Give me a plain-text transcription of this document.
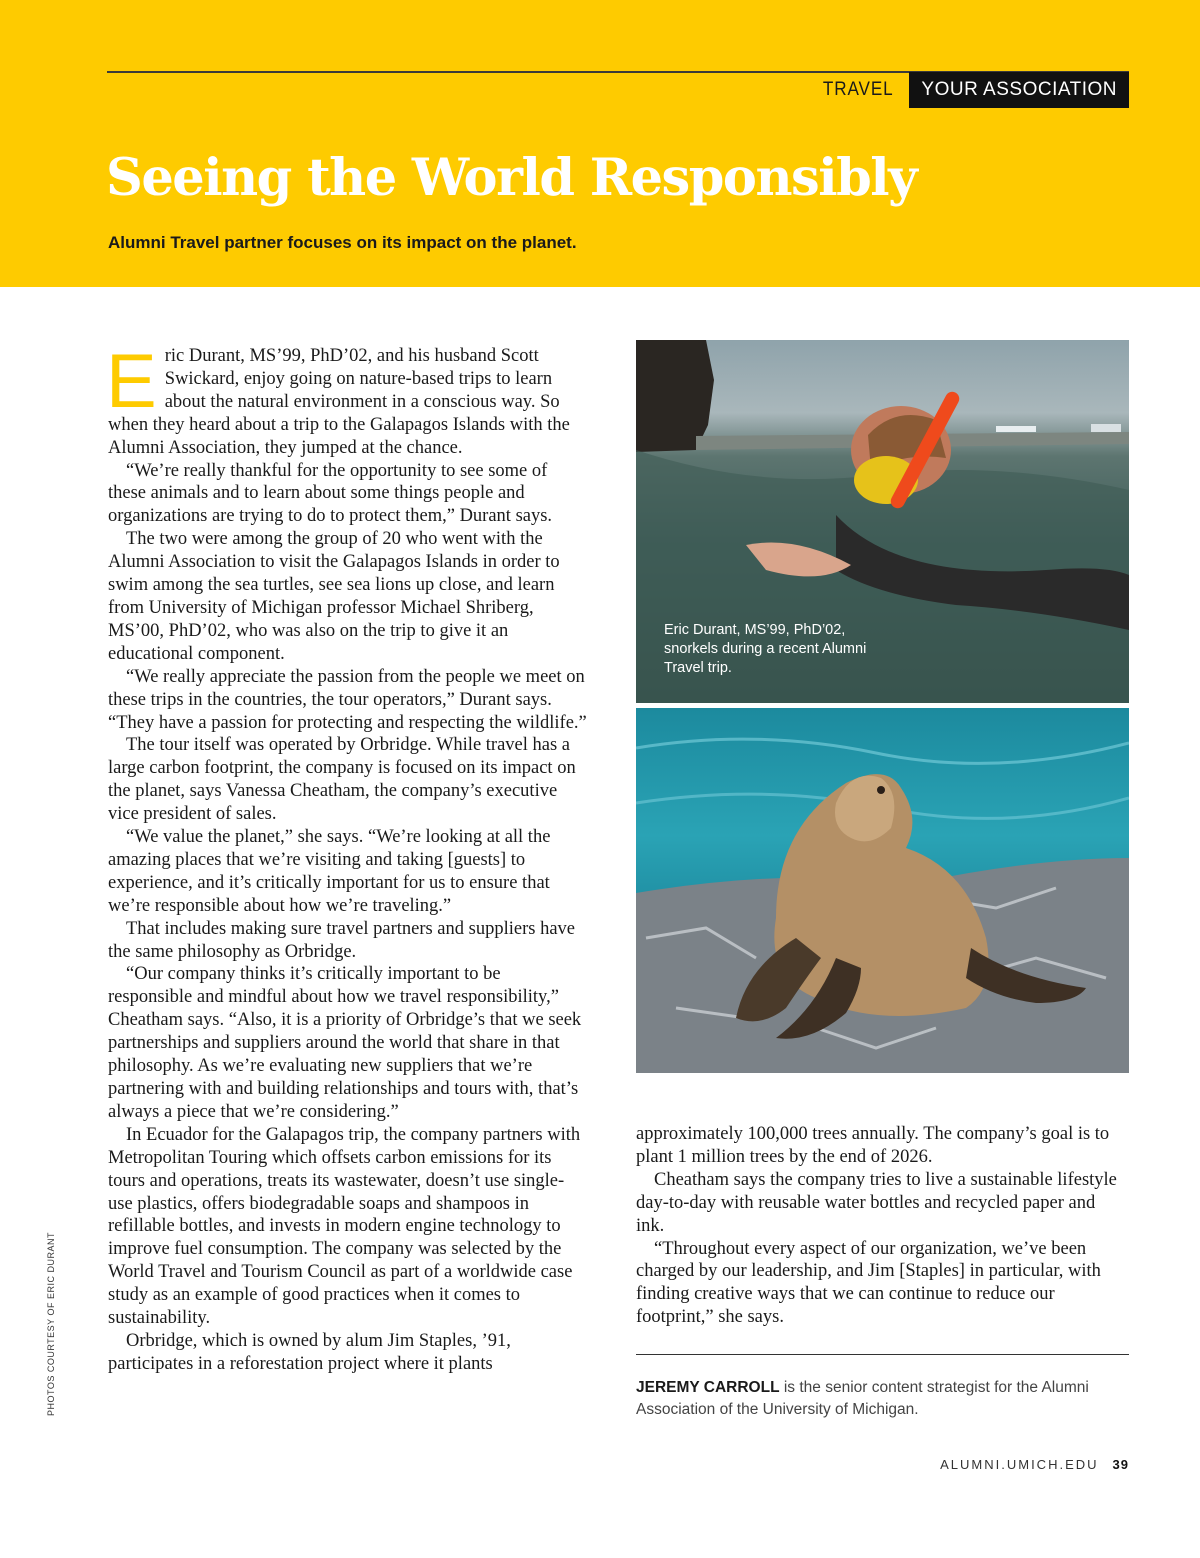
TRAVEL	YOUR ASSOCIATION
Seeing the World Responsibly
Alumni Travel partner focuses on its impact on the planet.

Eric Durant, MS’99, PhD’02, and his husband Scott Swickard, enjoy going on nature-based trips to learn about the natural environment in a conscious way. So when they heard about a trip to the Galapagos Islands with the Alumni Association, they jumped at the chance.

“We’re really thankful for the opportunity to see some of these animals and to learn about some things people and organizations are trying to do to protect them,” Durant says.

The two were among the group of 20 who went with the Alumni Association to visit the Galapagos Islands in order to swim among the sea turtles, see sea lions up close, and learn from University of Michigan professor Michael Shriberg, MS’00, PhD’02, who was also on the trip to give it an educational component.

“We really appreciate the passion from the people we meet on these trips in the countries, the tour operators,” Durant says. “They have a passion for protecting and respecting the wildlife.”

The tour itself was operated by Orbridge. While travel has a large carbon footprint, the company is focused on its impact on the planet, says Vanessa Cheatham, the company’s executive vice president of sales.

“We value the planet,” she says. “We’re looking at all the amazing places that we’re visiting and taking [guests] to experience, and it’s critically important for us to ensure that we’re responsible about how we’re traveling.”

That includes making sure travel partners and suppliers have the same philosophy as Orbridge.

“Our company thinks it’s critically important to be responsible and mindful about how we travel responsibility,” Cheatham says. “Also, it is a priority of Orbridge’s that we seek partnerships and suppliers around the world that share in that philosophy. As we’re evaluating new suppliers that we’re partnering with and building relationships and tours with, that’s always a piece that we’re considering.”

In Ecuador for the Galapagos trip, the company partners with Metropolitan Touring which offsets carbon emissions for its tours and operations, treats its wastewater, doesn’t use single-use plastics, offers biodegradable soaps and shampoos in refillable bottles, and invests in modern engine technology to improve fuel consumption. The company was selected by the World Travel and Tourism Council as part of a worldwide case study as an example of good practices when it comes to sustainability.

Orbridge, which is owned by alum Jim Staples, ’91, participates in a reforestation project where it plants

Eric Durant, MS’99, PhD’02, snorkels during a recent Alumni Travel trip.

approximately 100,000 trees annually. The company’s goal is to plant 1 million trees by the end of 2026.

Cheatham says the company tries to live a sustainable lifestyle day-to-day with reusable water bottles and recycled paper and ink.

“Throughout every aspect of our organization, we’ve been charged by our leadership, and Jim [Staples] in particular, with finding creative ways that we can continue to reduce our footprint,” she says.

JEREMY CARROLL is the senior content strategist for the Alumni Association of the University of Michigan.
PHOTOS COURTESY OF ERIC DURANT
ALUMNI.UMICH.EDU 39
